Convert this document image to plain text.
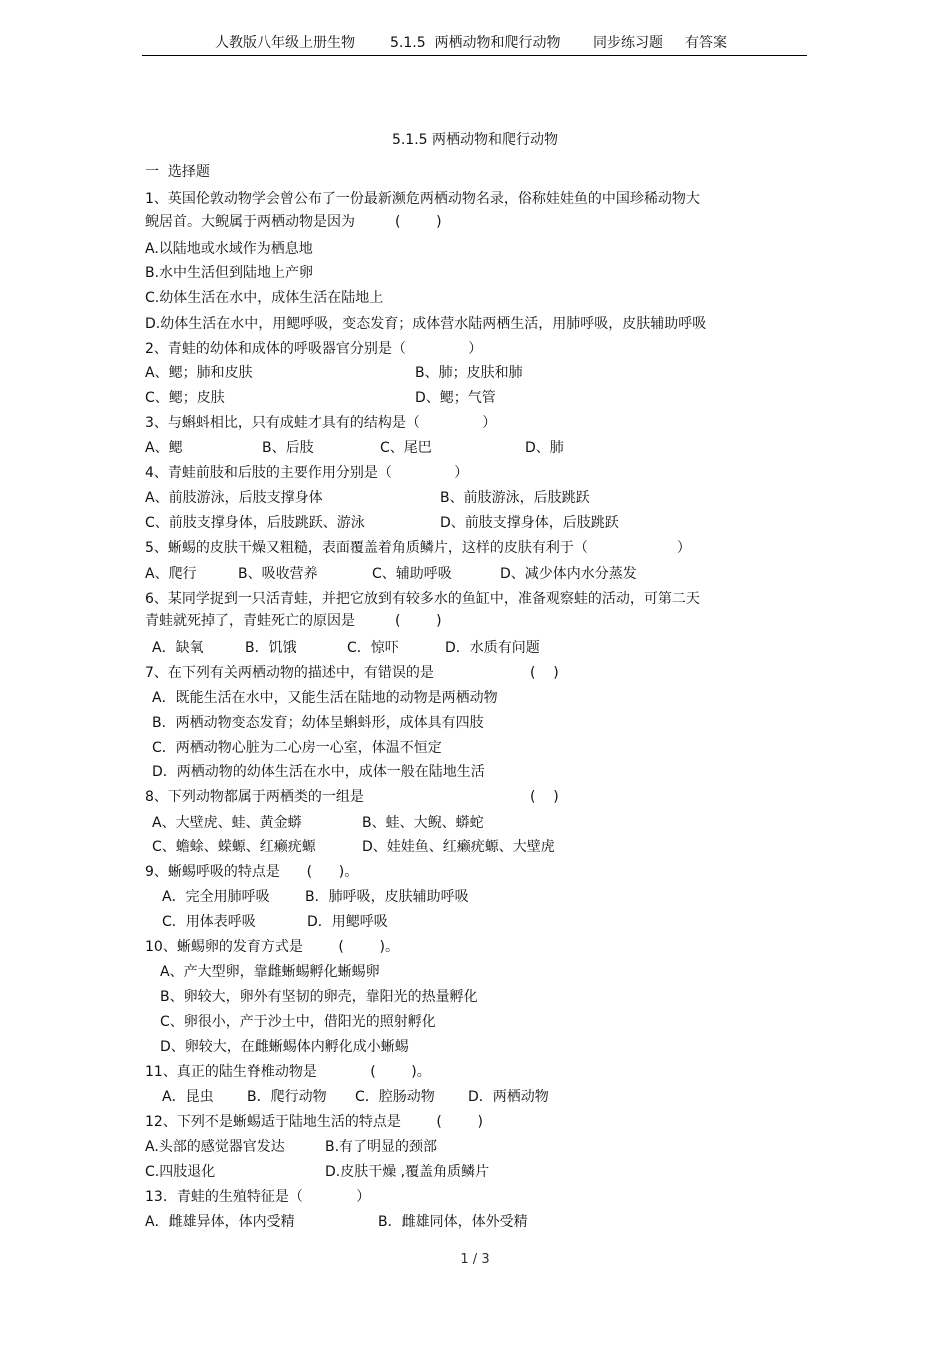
人教版八年级上册生物	5.1.5  两栖动物和爬行动物 同步练习题 有答案
5.1.5 两栖动物和爬行动物
一  选择题
1、英国伦敦动物学会曾公布了一份最新濒危两栖动物名录，俗称娃娃鱼的中国珍稀动物大
鲵居首。大鲵属于两栖动物是因为	(        )
A.以陆地或水域作为栖息地
B.水中生活但到陆地上产卵
C.幼体生活在水中，成体生活在陆地上
D.幼体生活在水中，用鳃呼吸，变态发育；成体营水陆两栖生活，用肺呼吸，皮肤辅助呼吸
2、青蛙的幼体和成体的呼吸器官分别是（              ）
A、鳃；肺和皮肤	B、肺；皮肤和肺
C、鳃；皮肤	D、鳃；气管
3、与蝌蚪相比，只有成蛙才具有的结构是（              ）
A、鳃	B、后肢	C、尾巴	D、肺
4、青蛙前肢和后肢的主要作用分别是（              ）
A、前肢游泳，后肢支撑身体	B、前肢游泳，后肢跳跃
C、前肢支撑身体，后肢跳跃、游泳	D、前肢支撑身体，后肢跳跃
5、蜥蜴的皮肤干燥又粗糙，表面覆盖着角质鳞片，这样的皮肤有利于（                    ）
A、爬行	B、吸收营养	C、辅助呼吸	D、减少体内水分蒸发
6、某同学捉到一只活青蛙，并把它放到有较多水的鱼缸中，准备观察蛙的活动，可第二天
青蛙就死掉了，青蛙死亡的原因是	(        )
A．缺氧	B．饥饿	C．惊吓	D．水质有问题
7、在下列有关两栖动物的描述中，有错误的是	(    )
A．既能生活在水中，又能生活在陆地的动物是两栖动物
B．两栖动物变态发育；幼体呈蝌蚪形，成体具有四肢
C．两栖动物心脏为二心房一心室，体温不恒定
D．两栖动物的幼体生活在水中，成体一般在陆地生活
8、下列动物都属于两栖类的一组是	(    )
A、大壁虎、蛙、黄金蟒	B、蛙、大鲵、蟒蛇
C、蟾蜍、蝾螈、红癞疣螈	D、娃娃鱼、红癞疣螈、大壁虎
9、蜥蜴呼吸的特点是      (      )。
A．完全用肺呼吸	B．肺呼吸，皮肤辅助呼吸
C．用体表呼吸	D．用鳃呼吸
10、蜥蜴卵的发育方式是        (        )。
A、产大型卵，靠雌蜥蜴孵化蜥蜴卵
B、卵较大，卵外有坚韧的卵壳，靠阳光的热量孵化
C、卵很小，产于沙土中，借阳光的照射孵化
D、卵较大，在雌蜥蜴体内孵化成小蜥蜴
11、真正的陆生脊椎动物是            (        )。
A．昆虫 B．爬行动物 C．腔肠动物 D．两栖动物
12、下列不是蜥蜴适于陆地生活的特点是        (        )
A.头部的感觉器官发达	B.有了明显的颈部
C.四肢退化	D.皮肤干燥 ,覆盖角质鳞片
13．青蛙的生殖特征是（            ）
A．雌雄异体，体内受精	B．雌雄同体，体外受精
1 / 3
